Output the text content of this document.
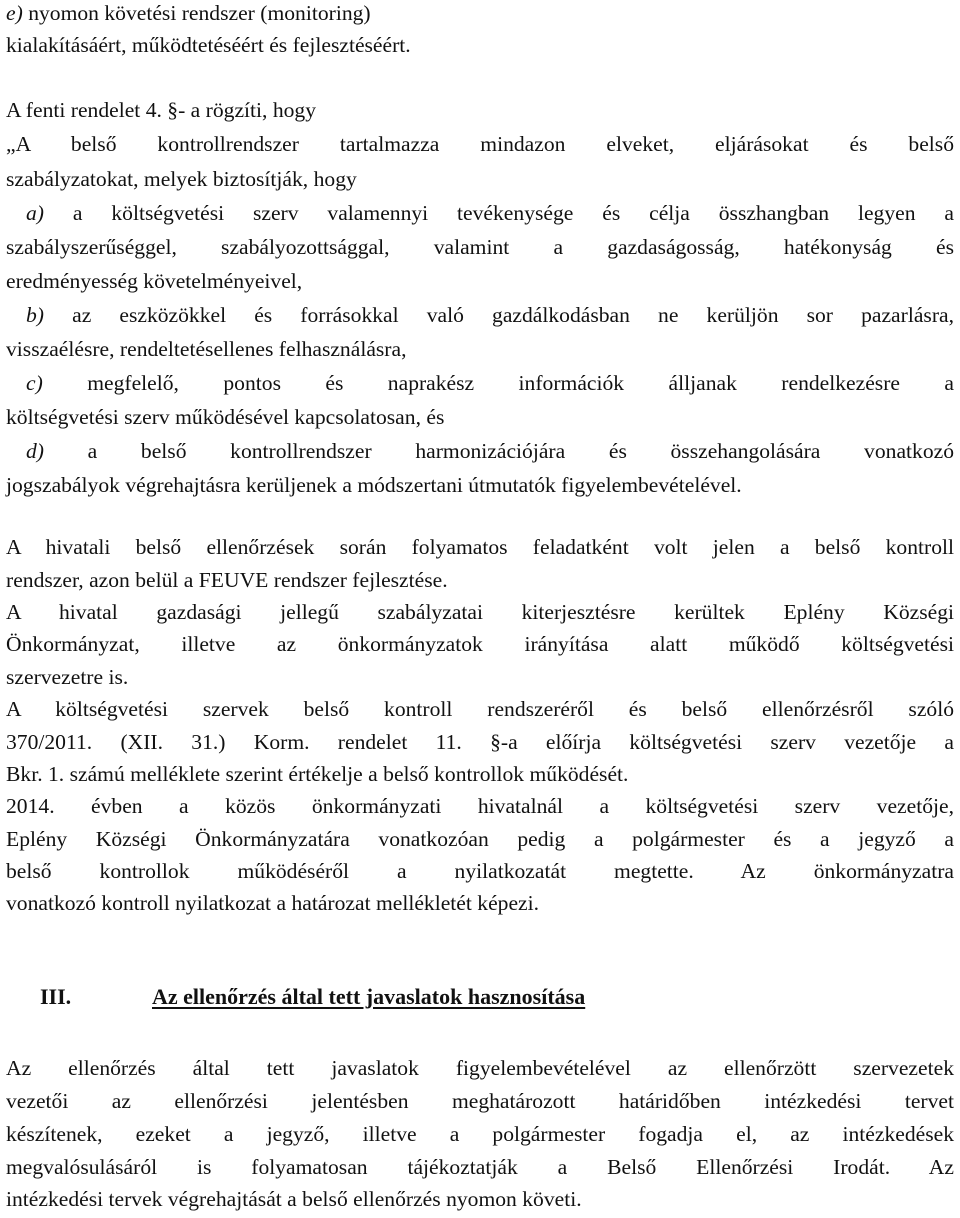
e) nyomon követési rendszer (monitoring)
kialakításáért, működtetéséért és fejlesztéséért.
A fenti rendelet 4. §- a rögzíti, hogy
„A belső kontrollrendszer tartalmazza mindazon elveket, eljárásokat és belső
szabályzatokat, melyek biztosítják, hogy
a) a költségvetési szerv valamennyi tevékenysége és célja összhangban legyen a
szabályszerűséggel, szabályozottsággal, valamint a gazdaságosság, hatékonyság és
eredményesség követelményeivel,
b) az eszközökkel és forrásokkal való gazdálkodásban ne kerüljön sor pazarlásra,
visszaélésre, rendeltetésellenes felhasználásra,
c) megfelelő, pontos és naprakész információk álljanak rendelkezésre a
költségvetési szerv működésével kapcsolatosan, és
d) a belső kontrollrendszer harmonizációjára és összehangolására vonatkozó
jogszabályok végrehajtásra kerüljenek a módszertani útmutatók figyelembevételével.
A hivatali belső ellenőrzések során folyamatos feladatként volt jelen a belső kontroll
rendszer, azon belül a FEUVE rendszer fejlesztése.
A hivatal gazdasági jellegű szabályzatai kiterjesztésre kerültek Eplény Községi
Önkormányzat, illetve az önkormányzatok irányítása alatt működő költségvetési
szervezetre is.
A költségvetési szervek belső kontroll rendszeréről és belső ellenőrzésről szóló
370/2011. (XII. 31.) Korm. rendelet 11. §-a előírja költségvetési szerv vezetője a
Bkr. 1. számú melléklete szerint értékelje a belső kontrollok működését.
2014. évben a közös önkormányzati hivatalnál a költségvetési szerv vezetője,
Eplény Községi Önkormányzatára vonatkozóan pedig a polgármester és a jegyző a
belső kontrollok működéséről a nyilatkozatát megtette. Az önkormányzatra
vonatkozó kontroll nyilatkozat a határozat mellékletét képezi.
III.	Az ellenőrzés által tett javaslatok hasznosítása
Az ellenőrzés által tett javaslatok figyelembevételével az ellenőrzött szervezetek
vezetői az ellenőrzési jelentésben meghatározott határidőben intézkedési tervet
készítenek, ezeket a jegyző, illetve a polgármester fogadja el, az intézkedések
megvalósulásáról is folyamatosan tájékoztatják a Belső Ellenőrzési Irodát. Az
intézkedési tervek végrehajtását a belső ellenőrzés nyomon követi.
